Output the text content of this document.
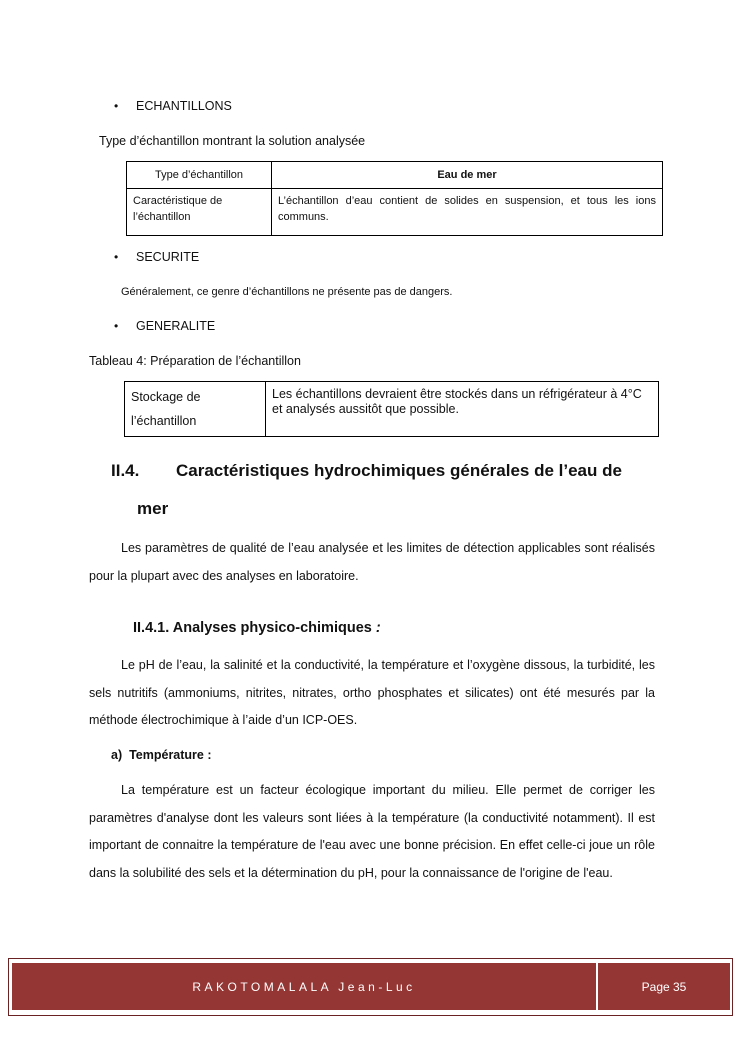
• ECHANTILLONS
Type d’échantillon montrant la solution analysée
Type d’échantillon	Eau de mer
Caractéristique de l’échantillon	L’échantillon d’eau contient de solides en suspension, et tous les ions communs.
• SECURITE
Généralement, ce genre d’échantillons ne présente pas de dangers.
• GENERALITE
Tableau 4: Préparation de l’échantillon
Stockage de l’échantillon	Les échantillons devraient être stockés dans un réfrigérateur à 4°C et analysés aussitôt que possible.
II.4. Caractéristiques hydrochimiques générales de l’eau de
mer
Les paramètres de qualité de l’eau analysée et les limites de détection applicables sont réalisés pour la plupart avec des analyses en laboratoire.
II.4.1. Analyses physico-chimiques :
Le pH de l’eau, la salinité et la conductivité, la température et l’oxygène dissous, la turbidité, les sels nutritifs (ammoniums, nitrites, nitrates, ortho phosphates et silicates) ont été mesurés par la méthode électrochimique à l’aide d’un ICP-OES.
a) Température :
La température est un facteur écologique important du milieu. Elle permet de corriger les paramètres d'analyse dont les valeurs sont liées à la température (la conductivité notamment). Il est important de connaitre la température de l'eau avec une bonne précision. En effet celle-ci joue un rôle dans la solubilité des sels et la détermination du pH, pour la connaissance de l'origine de l'eau.
RAKOTOMALALA Jean-Luc	Page 35
